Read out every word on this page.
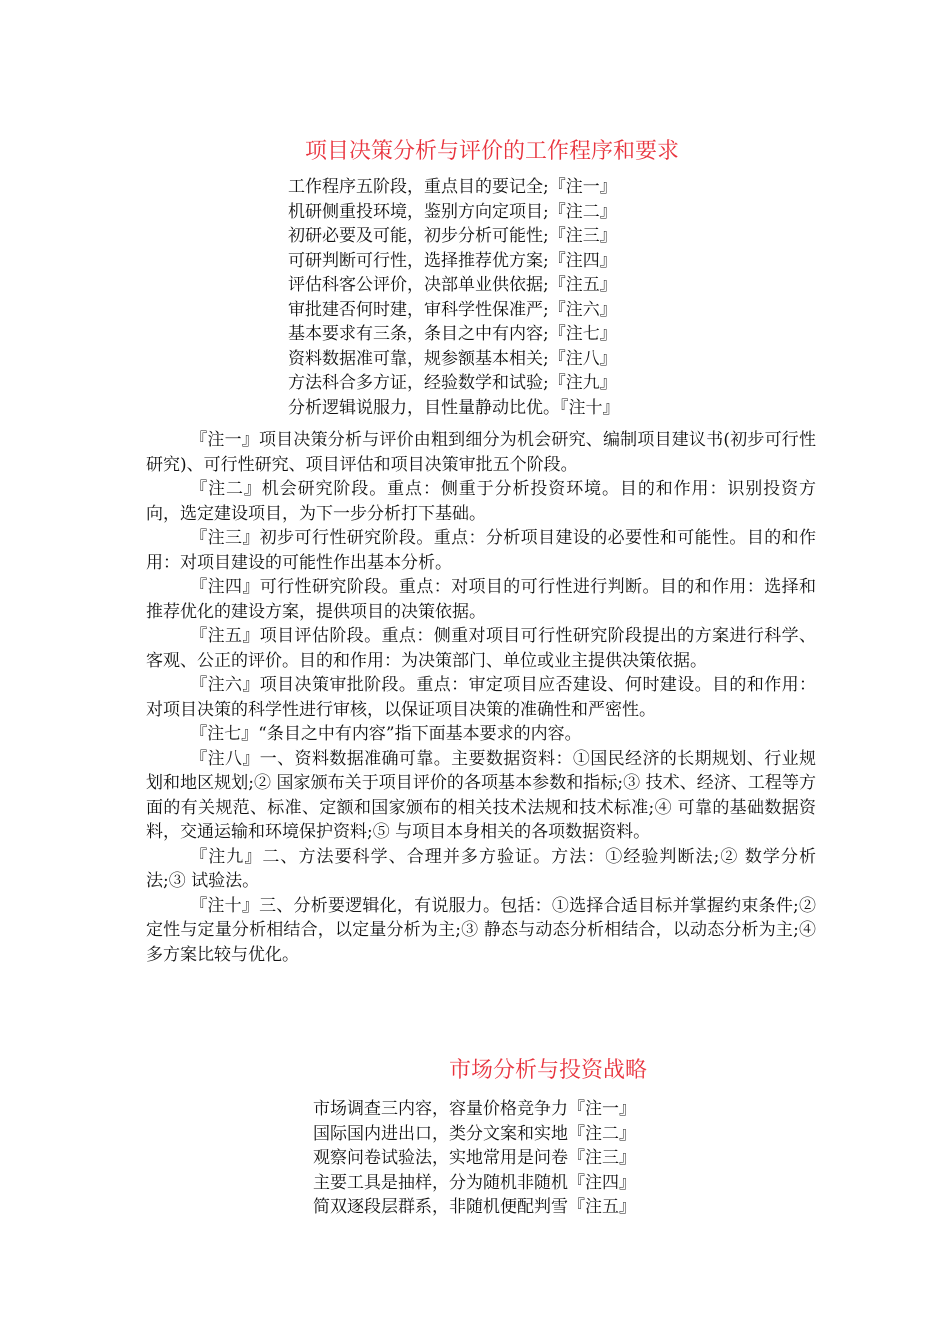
项目决策分析与评价的工作程序和要求
工作程序五阶段，重点目的要记全;『注一』
机研侧重投环境，鉴别方向定项目;『注二』
初研必要及可能，初步分析可能性;『注三』
可研判断可行性，选择推荐优方案;『注四』
评估科客公评价，决部单业供依据;『注五』
审批建否何时建，审科学性保准严;『注六』
基本要求有三条，条目之中有内容;『注七』
资料数据准可靠，规参额基本相关;『注八』
方法科合多方证，经验数学和试验;『注九』
分析逻辑说服力，目性量静动比优。『注十』

『注一』项目决策分析与评价由粗到细分为机会研究、编制项目建议书(初步可行性研究)、可行性研究、项目评估和项目决策审批五个阶段。

『注二』机会研究阶段。重点：侧重于分析投资环境。目的和作用：识别投资方向，选定建设项目，为下一步分析打下基础。

『注三』初步可行性研究阶段。重点：分析项目建设的必要性和可能性。目的和作用：对项目建设的可能性作出基本分析。

『注四』可行性研究阶段。重点：对项目的可行性进行判断。目的和作用：选择和推荐优化的建设方案，提供项目的决策依据。

『注五』项目评估阶段。重点：侧重对项目可行性研究阶段提出的方案进行科学、客观、公正的评价。目的和作用：为决策部门、单位或业主提供决策依据。

『注六』项目决策审批阶段。重点：审定项目应否建设、何时建设。目的和作用：对项目决策的科学性进行审核，以保证项目决策的准确性和严密性。

『注七』“条目之中有内容”指下面基本要求的内容。

『注八』一、资料数据准确可靠。主要数据资料：①国民经济的长期规划、行业规划和地区规划;② 国家颁布关于项目评价的各项基本参数和指标;③ 技术、经济、工程等方面的有关规范、标准、定额和国家颁布的相关技术法规和技术标准;④ 可靠的基础数据资料，交通运输和环境保护资料;⑤ 与项目本身相关的各项数据资料。

『注九』二、方法要科学、合理并多方验证。方法：①经验判断法;② 数学分析法;③ 试验法。

『注十』三、分析要逻辑化，有说服力。包括：①选择合适目标并掌握约束条件;② 定性与定量分析相结合，以定量分析为主;③ 静态与动态分析相结合，以动态分析为主;④ 多方案比较与优化。

市场分析与投资战略
市场调查三内容，容量价格竞争力『注一』
国际国内进出口，类分文案和实地『注二』
观察问卷试验法，实地常用是问卷『注三』
主要工具是抽样，分为随机非随机『注四』
简双逐段层群系，非随机便配判雪『注五』
